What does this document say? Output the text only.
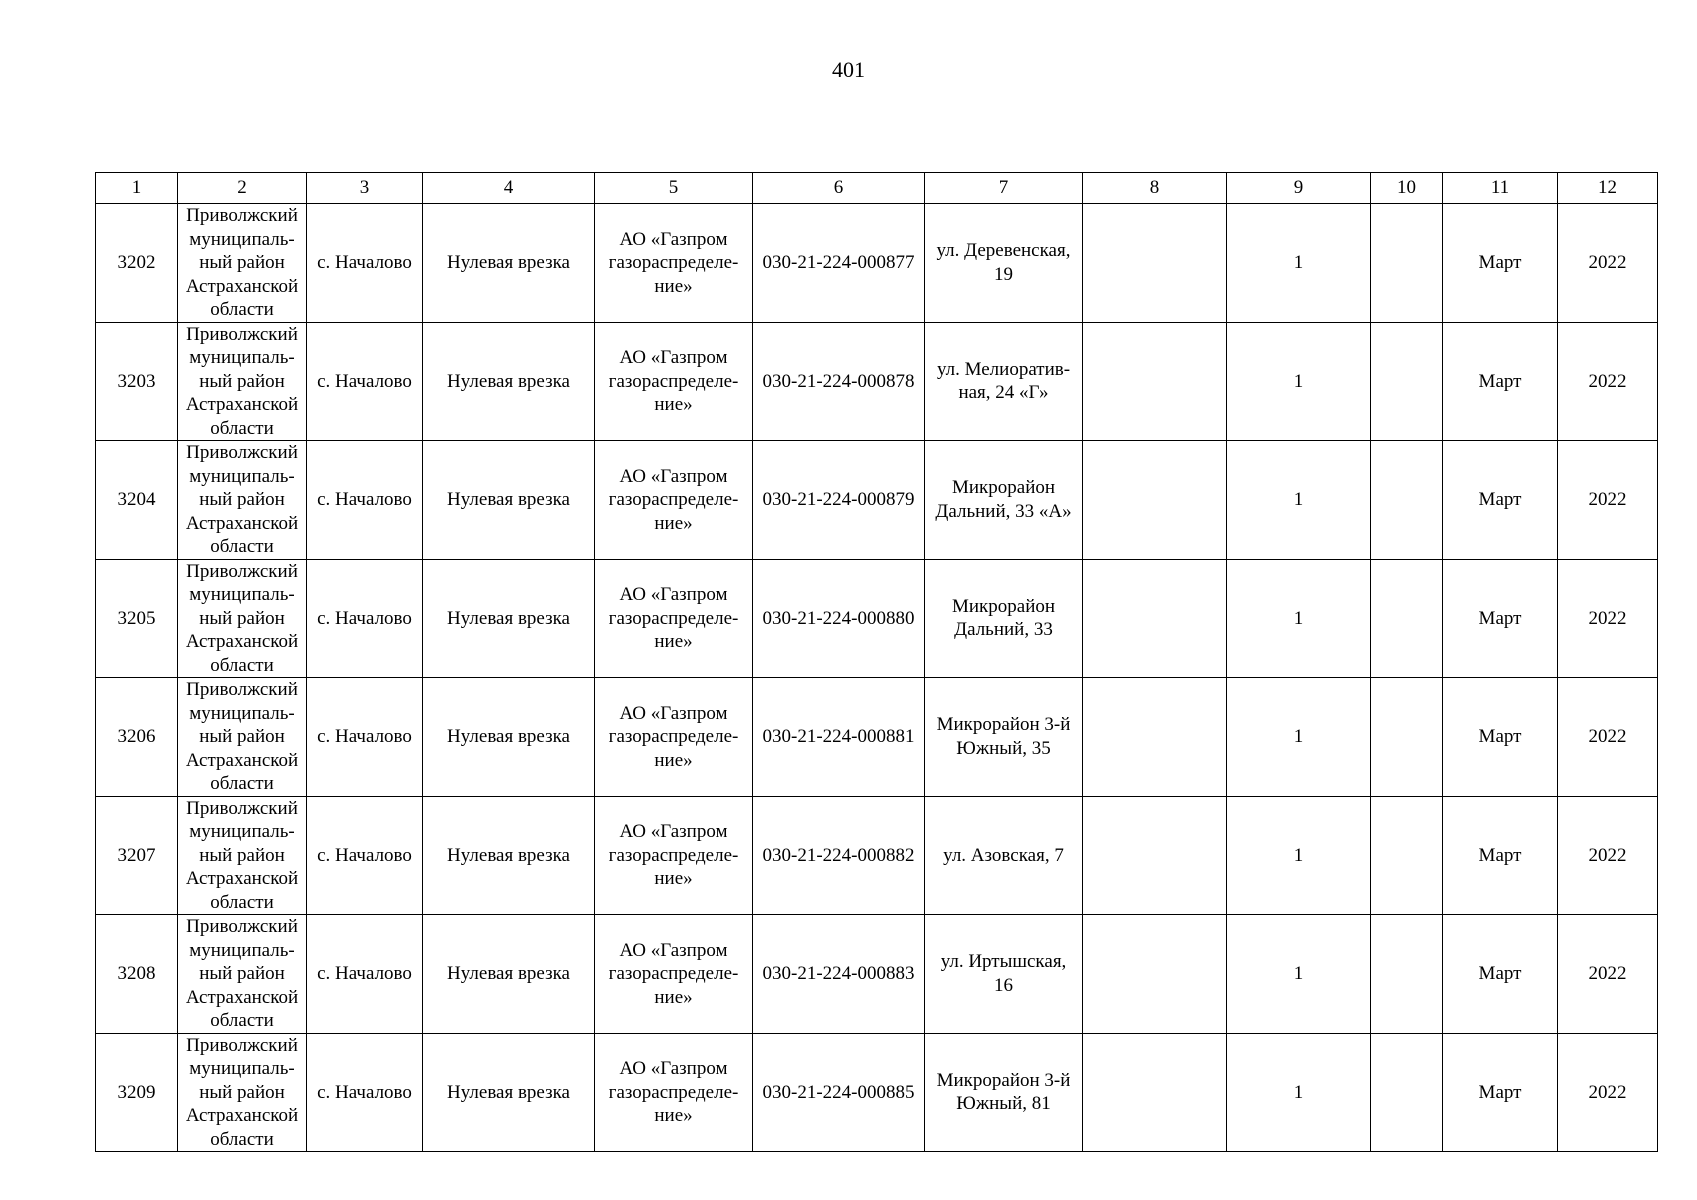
401
1	2	3	4	5	6	7	8	9	10	11	12
3202	Приволжский
муниципаль-
ный район
Астраханской
области	с. Началово	Нулевая врезка	АО «Газпром
газораспределе-
ние»	030-21-224-000877	ул. Деревенская,
19		1		Март	2022
3203	Приволжский
муниципаль-
ный район
Астраханской
области	с. Началово	Нулевая врезка	АО «Газпром
газораспределе-
ние»	030-21-224-000878	ул. Мелиоратив-
ная, 24 «Г»		1		Март	2022
3204	Приволжский
муниципаль-
ный район
Астраханской
области	с. Началово	Нулевая врезка	АО «Газпром
газораспределе-
ние»	030-21-224-000879	Микрорайон
Дальний, 33 «А»		1		Март	2022
3205	Приволжский
муниципаль-
ный район
Астраханской
области	с. Началово	Нулевая врезка	АО «Газпром
газораспределе-
ние»	030-21-224-000880	Микрорайон
Дальний, 33		1		Март	2022
3206	Приволжский
муниципаль-
ный район
Астраханской
области	с. Началово	Нулевая врезка	АО «Газпром
газораспределе-
ние»	030-21-224-000881	Микрорайон 3-й
Южный, 35		1		Март	2022
3207	Приволжский
муниципаль-
ный район
Астраханской
области	с. Началово	Нулевая врезка	АО «Газпром
газораспределе-
ние»	030-21-224-000882	ул. Азовская, 7		1		Март	2022
3208	Приволжский
муниципаль-
ный район
Астраханской
области	с. Началово	Нулевая врезка	АО «Газпром
газораспределе-
ние»	030-21-224-000883	ул. Иртышская,
16		1		Март	2022
3209	Приволжский
муниципаль-
ный район
Астраханской
области	с. Началово	Нулевая врезка	АО «Газпром
газораспределе-
ние»	030-21-224-000885	Микрорайон 3-й
Южный, 81		1		Март	2022
